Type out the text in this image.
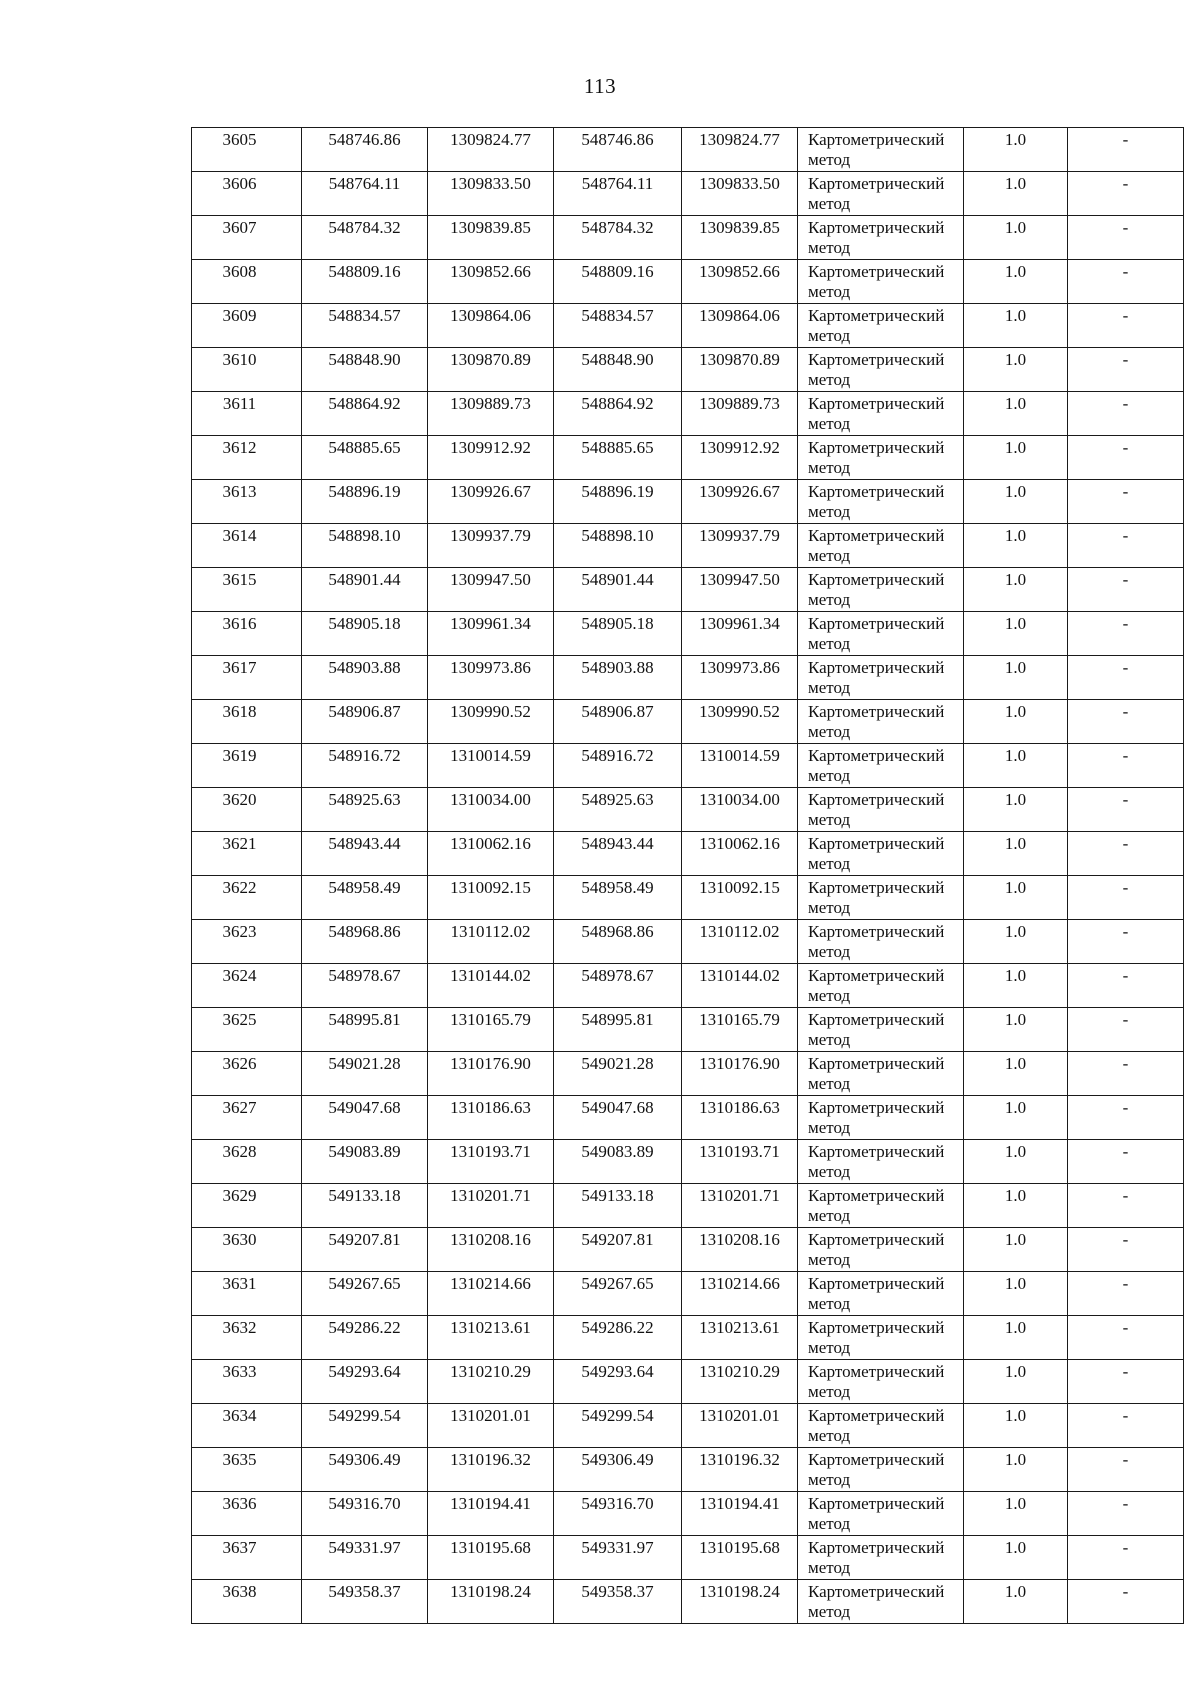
113
3605	548746.86	1309824.77	548746.86	1309824.77	Картометрический метод	1.0	-
3606	548764.11	1309833.50	548764.11	1309833.50	Картометрический метод	1.0	-
3607	548784.32	1309839.85	548784.32	1309839.85	Картометрический метод	1.0	-
3608	548809.16	1309852.66	548809.16	1309852.66	Картометрический метод	1.0	-
3609	548834.57	1309864.06	548834.57	1309864.06	Картометрический метод	1.0	-
3610	548848.90	1309870.89	548848.90	1309870.89	Картометрический метод	1.0	-
3611	548864.92	1309889.73	548864.92	1309889.73	Картометрический метод	1.0	-
3612	548885.65	1309912.92	548885.65	1309912.92	Картометрический метод	1.0	-
3613	548896.19	1309926.67	548896.19	1309926.67	Картометрический метод	1.0	-
3614	548898.10	1309937.79	548898.10	1309937.79	Картометрический метод	1.0	-
3615	548901.44	1309947.50	548901.44	1309947.50	Картометрический метод	1.0	-
3616	548905.18	1309961.34	548905.18	1309961.34	Картометрический метод	1.0	-
3617	548903.88	1309973.86	548903.88	1309973.86	Картометрический метод	1.0	-
3618	548906.87	1309990.52	548906.87	1309990.52	Картометрический метод	1.0	-
3619	548916.72	1310014.59	548916.72	1310014.59	Картометрический метод	1.0	-
3620	548925.63	1310034.00	548925.63	1310034.00	Картометрический метод	1.0	-
3621	548943.44	1310062.16	548943.44	1310062.16	Картометрический метод	1.0	-
3622	548958.49	1310092.15	548958.49	1310092.15	Картометрический метод	1.0	-
3623	548968.86	1310112.02	548968.86	1310112.02	Картометрический метод	1.0	-
3624	548978.67	1310144.02	548978.67	1310144.02	Картометрический метод	1.0	-
3625	548995.81	1310165.79	548995.81	1310165.79	Картометрический метод	1.0	-
3626	549021.28	1310176.90	549021.28	1310176.90	Картометрический метод	1.0	-
3627	549047.68	1310186.63	549047.68	1310186.63	Картометрический метод	1.0	-
3628	549083.89	1310193.71	549083.89	1310193.71	Картометрический метод	1.0	-
3629	549133.18	1310201.71	549133.18	1310201.71	Картометрический метод	1.0	-
3630	549207.81	1310208.16	549207.81	1310208.16	Картометрический метод	1.0	-
3631	549267.65	1310214.66	549267.65	1310214.66	Картометрический метод	1.0	-
3632	549286.22	1310213.61	549286.22	1310213.61	Картометрический метод	1.0	-
3633	549293.64	1310210.29	549293.64	1310210.29	Картометрический метод	1.0	-
3634	549299.54	1310201.01	549299.54	1310201.01	Картометрический метод	1.0	-
3635	549306.49	1310196.32	549306.49	1310196.32	Картометрический метод	1.0	-
3636	549316.70	1310194.41	549316.70	1310194.41	Картометрический метод	1.0	-
3637	549331.97	1310195.68	549331.97	1310195.68	Картометрический метод	1.0	-
3638	549358.37	1310198.24	549358.37	1310198.24	Картометрический метод	1.0	-
